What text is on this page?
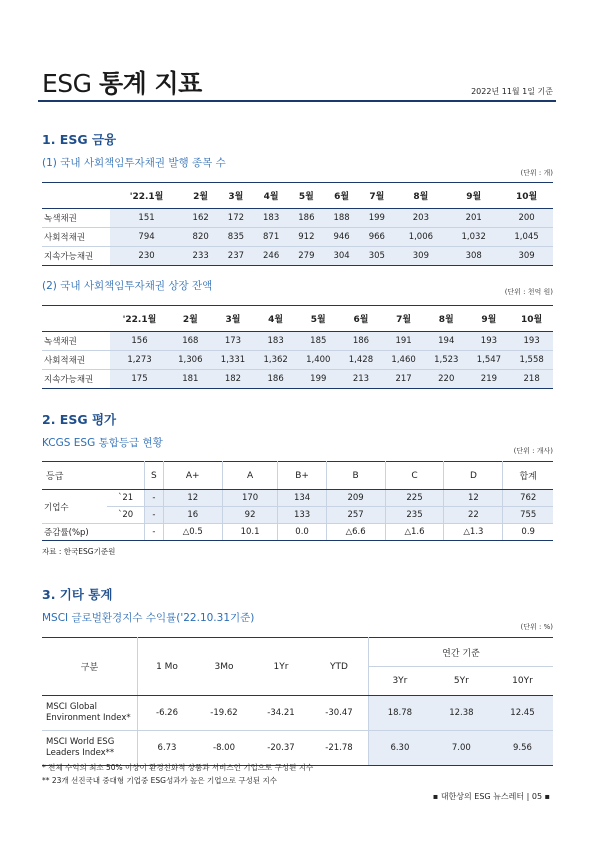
ESG 통계 지표	2022년 11월 1일 기준
1. ESG 금융
(1) 국내 사회책임투자채권 발행 종목 수
(단위 : 개)
	'22.1월	2월	3월	4월	5월	6월	7월	8월	9월	10월
녹색채권	151	162	172	183	186	188	199	203	201	200
사회적채권	794	820	835	871	912	946	966	1,006	1,032	1,045
지속가능채권	230	233	237	246	279	304	305	309	308	309
(2) 국내 사회책임투자채권 상장 잔액	(단위 : 천억 원)
	'22.1월	2월	3월	4월	5월	6월	7월	8월	9월	10월
녹색채권	156	168	173	183	185	186	191	194	193	193
사회적채권	1,273	1,306	1,331	1,362	1,400	1,428	1,460	1,523	1,547	1,558
지속가능채권	175	181	182	186	199	213	217	220	219	218
2. ESG 평가
KCGS ESG 통합등급 현황
(단위 : 개사)
등급		S	A+	A	B+	B	C	D	합계
기업수	`21	-	12	170	134	209	225	12	762
	`20	-	16	92	133	257	235	22	755
증감률(%p)		-	△0.5	10.1	0.0	△6.6	△1.6	△1.3	0.9
자료 : 한국ESG기준원
3. 기타 통계
MSCI 글로벌환경지수 수익률('22.10.31기준)
(단위 : %)
구분	1 Mo	3Mo	1Yr	YTD	연간 기준		
					3Yr	5Yr	10Yr

MSCI Global
Environment Index*	-6.26	-19.62	-34.21	-30.47	18.78	12.38	12.45

MSCI World ESG
Leaders Index**	6.73	-8.00	-20.37	-21.78	6.30	7.00	9.56
* 전체 수익의 최소 50% 이상이 환경친화적 상품과 서비스인 기업으로 구성된 지수
** 23개 선진국내 중대형 기업중 ESG성과가 높은 기업으로 구성된 지수
▪ 대한상의 ESG 뉴스레터 | 05 ▪
